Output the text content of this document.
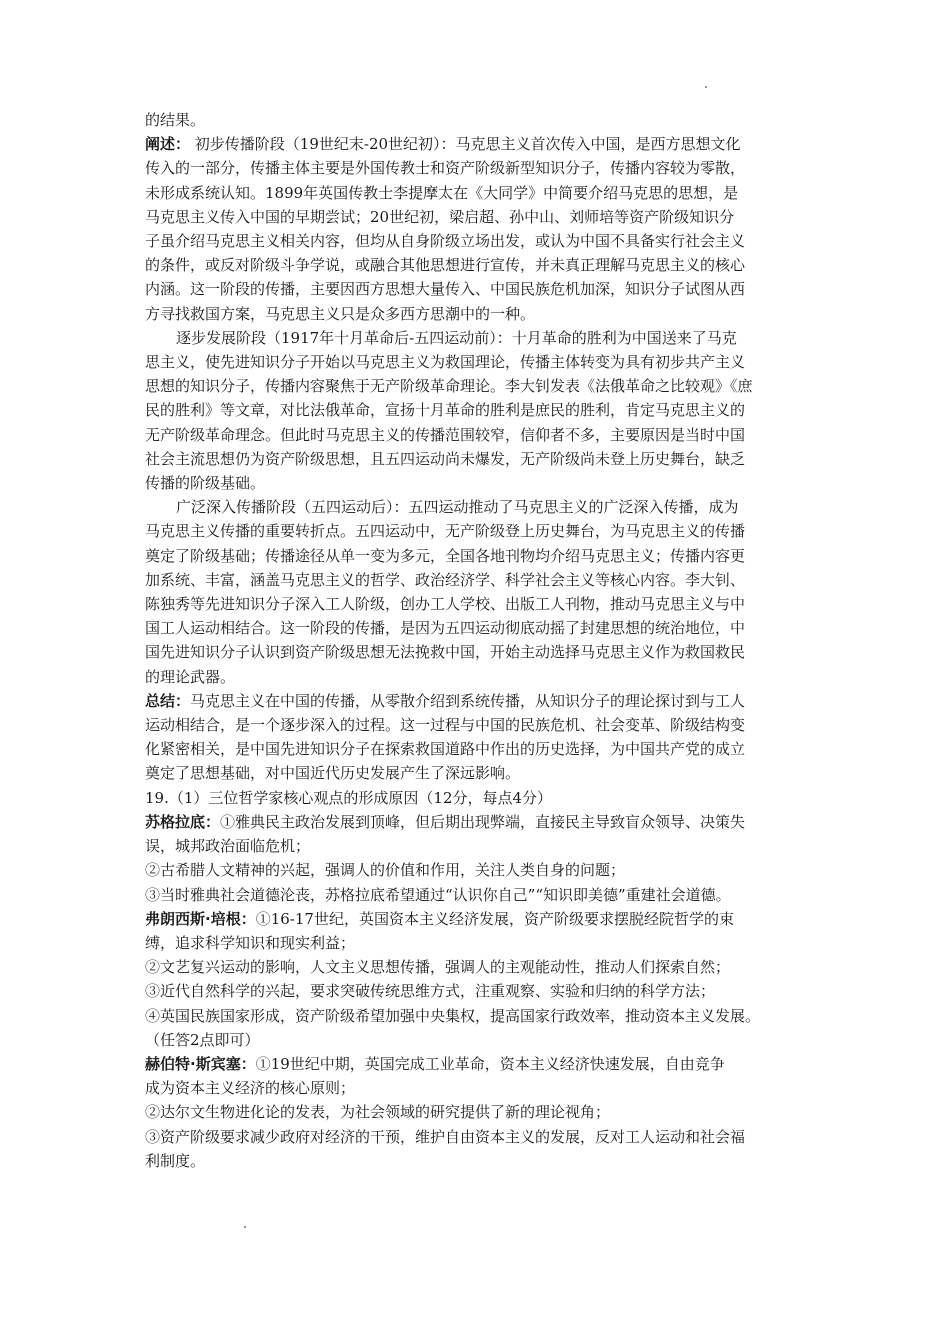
的结果。

阐述： 初步传播阶段（19世纪末-20世纪初）：马克思主义首次传入中国，是西方思想文化

传入的一部分，传播主体主要是外国传教士和资产阶级新型知识分子，传播内容较为零散，

未形成系统认知。1899年英国传教士李提摩太在《大同学》中简要介绍马克思的思想，是

马克思主义传入中国的早期尝试；20世纪初，梁启超、孙中山、刘师培等资产阶级知识分

子虽介绍马克思主义相关内容，但均从自身阶级立场出发，或认为中国不具备实行社会主义

的条件，或反对阶级斗争学说，或融合其他思想进行宣传，并未真正理解马克思主义的核心

内涵。这一阶段的传播，主要因西方思想大量传入、中国民族危机加深，知识分子试图从西

方寻找救国方案，马克思主义只是众多西方思潮中的一种。

逐步发展阶段（1917年十月革命后-五四运动前）：十月革命的胜利为中国送来了马克

思主义，使先进知识分子开始以马克思主义为救国理论，传播主体转变为具有初步共产主义

思想的知识分子，传播内容聚焦于无产阶级革命理论。李大钊发表《法俄革命之比较观》《庶

民的胜利》等文章，对比法俄革命，宣扬十月革命的胜利是庶民的胜利，肯定马克思主义的

无产阶级革命理念。但此时马克思主义的传播范围较窄，信仰者不多，主要原因是当时中国

社会主流思想仍为资产阶级思想，且五四运动尚未爆发，无产阶级尚未登上历史舞台，缺乏

传播的阶级基础。

广泛深入传播阶段（五四运动后）：五四运动推动了马克思主义的广泛深入传播，成为

马克思主义传播的重要转折点。五四运动中，无产阶级登上历史舞台，为马克思主义的传播

奠定了阶级基础；传播途径从单一变为多元，全国各地刊物均介绍马克思主义；传播内容更

加系统、丰富，涵盖马克思主义的哲学、政治经济学、科学社会主义等核心内容。李大钊、

陈独秀等先进知识分子深入工人阶级，创办工人学校、出版工人刊物，推动马克思主义与中

国工人运动相结合。这一阶段的传播，是因为五四运动彻底动摇了封建思想的统治地位，中

国先进知识分子认识到资产阶级思想无法挽救中国，开始主动选择马克思主义作为救国救民

的理论武器。

总结：马克思主义在中国的传播，从零散介绍到系统传播，从知识分子的理论探讨到与工人

运动相结合，是一个逐步深入的过程。这一过程与中国的民族危机、社会变革、阶级结构变

化紧密相关，是中国先进知识分子在探索救国道路中作出的历史选择，为中国共产党的成立

奠定了思想基础，对中国近代历史发展产生了深远影响。

19.（1）三位哲学家核心观点的形成原因（12分，每点4分）

苏格拉底：①雅典民主政治发展到顶峰，但后期出现弊端，直接民主导致盲众领导、决策失

误，城邦政治面临危机；

②古希腊人文精神的兴起，强调人的价值和作用，关注人类自身的问题；

③当时雅典社会道德沦丧，苏格拉底希望通过“认识你自己”“知识即美德”重建社会道德。

弗朗西斯·培根：①16-17世纪，英国资本主义经济发展，资产阶级要求摆脱经院哲学的束

缚，追求科学知识和现实利益；

②文艺复兴运动的影响，人文主义思想传播，强调人的主观能动性，推动人们探索自然；

③近代自然科学的兴起，要求突破传统思维方式，注重观察、实验和归纳的科学方法；

④英国民族国家形成，资产阶级希望加强中央集权，提高国家行政效率，推动资本主义发展。

（任答2点即可）

赫伯特·斯宾塞：①19世纪中期，英国完成工业革命，资本主义经济快速发展，自由竞争

成为资本主义经济的核心原则；

②达尔文生物进化论的发表，为社会领域的研究提供了新的理论视角；

③资产阶级要求减少政府对经济的干预，维护自由资本主义的发展，反对工人运动和社会福

利制度。
